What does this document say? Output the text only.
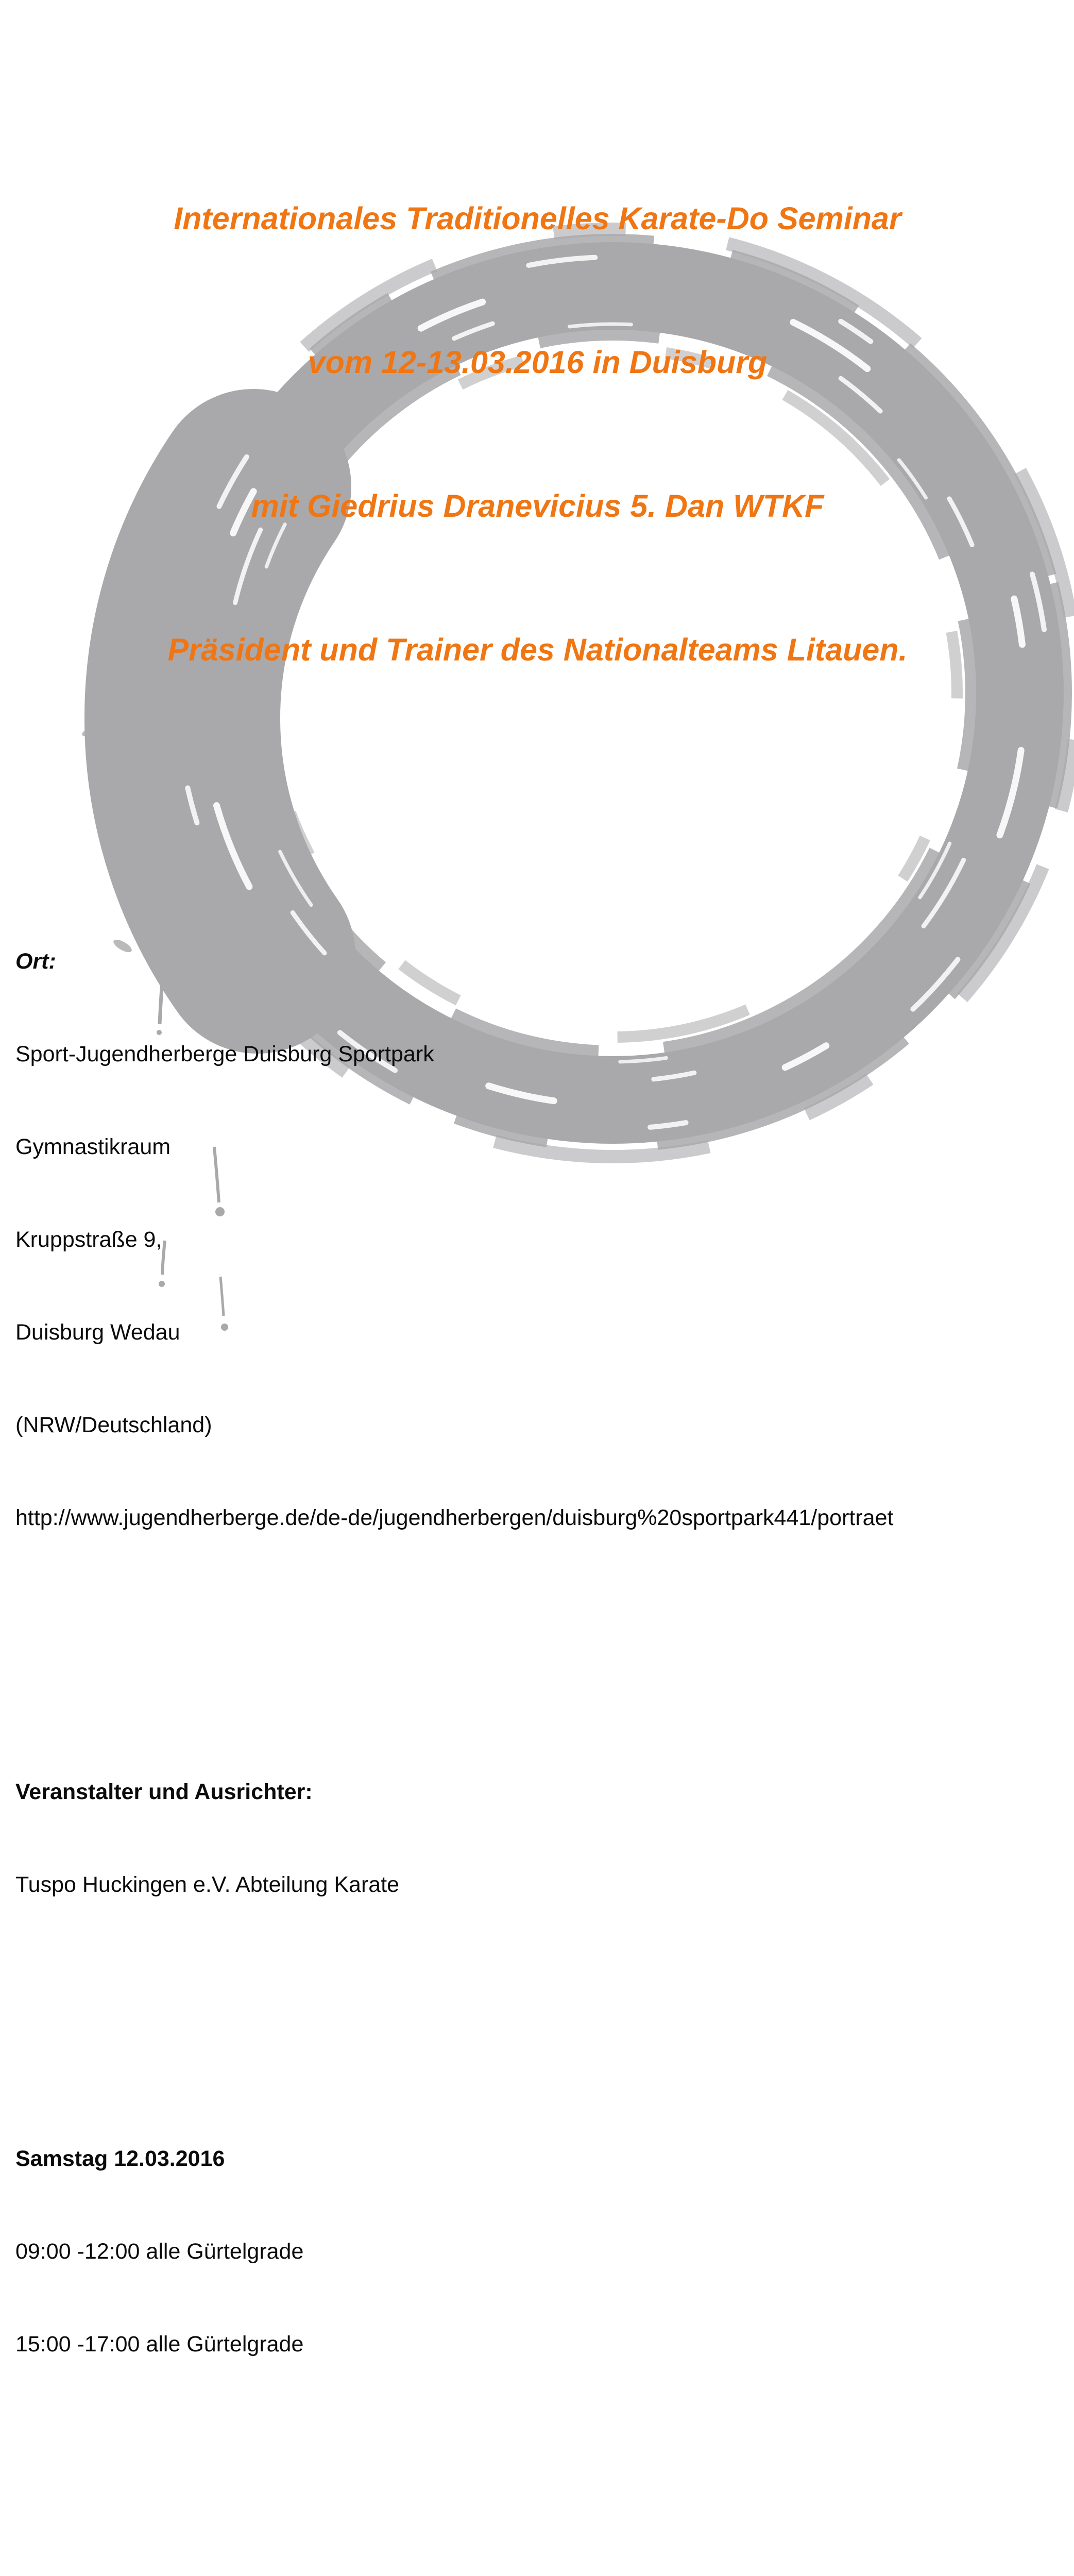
Internationales Traditionelles Karate-Do Seminar

vom 12-13.03.2016 in Duisburg

mit Giedrius Dranevicius 5. Dan WTKF

Präsident und Trainer des Nationalteams Litauen.

Ort:

Sport-Jugendherberge Duisburg Sportpark

Gymnastikraum

Kruppstraße 9,

Duisburg Wedau

(NRW/Deutschland)

http://www.jugendherberge.de/de-de/jugendherbergen/duisburg%20sportpark441/portraet

Veranstalter und Ausrichter:

Tuspo Huckingen e.V. Abteilung Karate

Samstag 12.03.2016

09:00 -12:00 alle Gürtelgrade

15:00 -17:00 alle Gürtelgrade
